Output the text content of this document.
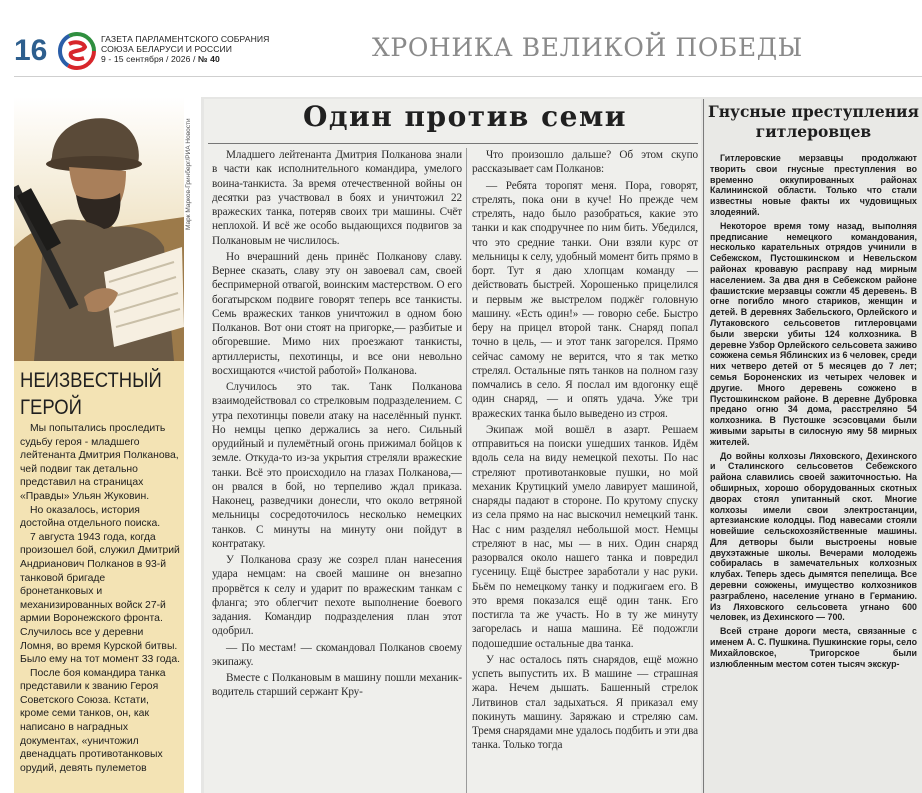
16	ГАЗЕТА ПАРЛАМЕНТСКОГО СОБРАНИЯ
СОЮЗА БЕЛАРУСИ И РОССИИ
9 - 15 сентября / 2026 / № 40	ХРОНИКА ВЕЛИКОЙ ПОБЕДЫ
Марк Марков-Гринберг/РИА Новости
НЕИЗВЕСТНЫЙ
ГЕРОЙ

Мы попытались проследить судьбу героя - младшего лейтенанта Дмитрия Полканова, чей подвиг так детально представил на страницах «Правды» Ульян Жуковин.

Но оказалось, история достойна отдельного поиска.

7 августа 1943 года, когда произошел бой, служил Дмитрий Андрианович Полканов в 93-й танковой бригаде бронетанковых и механизированных войск 27-й армии Воронежского фронта. Случилось все у деревни Ломня, во время Курской битвы. Было ему на тот момент 33 года.

После боя командира танка представили к званию Героя Советского Союза. Кстати, кроме семи танков, он, как написано в наградных документах, «уничтожил двенадцать противотанковых орудий, девять пулеметов

Один против семи

Младшего лейтенанта Дмитрия Полканова знали в части как исполнительного командира, умелого воина-танкиста. За время отечественной войны он десятки раз участвовал в боях и уничтожил 22 вражеских танка, потеряв своих три машины. Счёт неплохой. И всё же особо выдающихся подвигов за Полкановым не числилось.

Но вчерашний день принёс Полканову славу. Вернее сказать, славу эту он завоевал сам, своей беспримерной отвагой, воинским мастерством. О его богатырском подвиге говорят теперь все танкисты. Семь вражеских танков уничтожил в одном бою Полканов. Вот они стоят на пригорке,— разбитые и обгоревшие. Мимо них проезжают танкисты, артиллеристы, пехотинцы, и все они невольно восхищаются «чистой работой» Полканова.

Случилось это так. Танк Полканова взаимодействовал со стрелковым подразделением. С утра пехотинцы повели атаку на населённый пункт. Но немцы цепко держались за него. Сильный орудийный и пулемётный огонь прижимал бойцов к земле. Откуда-то из-за укрытия стреляли вражеские танки. Всё это происходило на глазах Полканова,— он рвался в бой, но терпеливо ждал приказа. Наконец, разведчики донесли, что около ветряной мельницы сосредоточилось несколько немецких танков. С минуты на минуту они пойдут в контратаку.

У Полканова сразу же созрел план нанесения удара немцам: на своей машине он внезапно прорвётся к селу и ударит по вражеским танкам с фланга; это облегчит пехоте выполнение боевого задания. Командир подразделения план этот одобрил.

— По местам! — скомандовал Полканов своему экипажу.

Вместе с Полкановым в машину пошли механик-водитель старший сержант Кру-

Что произошло дальше? Об этом скупо рассказывает сам Полканов:

— Ребята торопят меня. Пора, говорят, стрелять, пока они в куче! Но прежде чем стрелять, надо было разобраться, какие это танки и как сподручнее по ним бить. Убедился, что это средние танки. Они взяли курс от мельницы к селу, удобный момент бить прямо в борт. Тут я даю хлопцам команду — действовать быстрей. Хорошенько прицелился и первым же выстрелом поджёг головную машину. «Есть один!» — говорю себе. Быстро беру на прицел второй танк. Снаряд попал точно в цель, — и этот танк загорелся. Прямо сейчас самому не верится, что я так метко стрелял. Остальные пять танков на полном газу помчались в село. Я послал им вдогонку ещё один снаряд, — и опять удача. Уже три вражеских танка было выведено из строя.

Экипаж мой вошёл в азарт. Решаем отправиться на поиски ушедших танков. Идём вдоль села на виду немецкой пехоты. По нас стреляют противотанковые пушки, но мой механик Крутицкий умело лавирует машиной, снаряды падают в стороне. По крутому спуску из села прямо на нас выскочил немецкий танк. Нас с ним разделял небольшой мост. Немцы стреляют в нас, мы — в них. Один снаряд разорвался около нашего танка и повредил гусеницу. Ещё быстрее заработали у нас руки. Бьём по немецкому танку и поджигаем его. В это время показался ещё один танк. Его постигла та же участь. Но в ту же минуту загорелась и наша машина. Её подожгли подошедшие остальные два танка.

У нас осталось пять снарядов, ещё можно успеть выпустить их. В машине — страшная жара. Нечем дышать. Башенный стрелок Литвинов стал задыхаться. Я приказал ему покинуть машину. Заряжаю и стреляю сам. Тремя снарядами мне удалось подбить и эти два танка. Только тогда

Гнусные преступления
гитлеровцев

Гитлеровские мерзавцы продолжают творить свои гнусные преступления во временно оккупированных районах Калининской области. Только что стали известны новые факты их чудовищных злодеяний.

Некоторое время тому назад, выполняя предписание немецкого командования, несколько карательных отрядов учинили в Себежском, Пустошкинском и Невельском районах кровавую расправу над мирным населением. За два дня в Себежском районе фашистские мерзавцы сожгли 45 деревень. В огне погибло много стариков, женщин и детей. В деревнях Забельского, Орлейского и Лутаковского сельсоветов гитлеровцами были зверски убиты 124 колхозника. В деревне Узбор Орлейского сельсовета заживо сожжена семья Яблинских из 6 человек, среди них четверо детей от 5 месяцев до 7 лет; семья Бороненских из четырех человек и другие. Много деревень сожжено в Пустошкинском районе. В деревне Дубровка предано огню 34 дома, расстреляно 54 колхозника. В Пустошке эсэсовцами были живыми зарыты в силосную яму 58 мирных жителей.

До войны колхозы Ляховского, Дехинского и Сталинского сельсоветов Себежского района славились своей зажиточностью. На обширных, хорошо оборудованных скотных дворах стоял упитанный скот. Многие колхозы имели свои электростанции, артезианские колодцы. Под навесами стояли новейшие сельскохозяйственные машины. Для детворы были выстроены новые двухэтажные школы. Вечерами молодежь собиралась в замечательных колхозных клубах. Теперь здесь дымятся пепелища. Все деревни сожжены, имущество колхозников разграблено, население угнано в Германию. Из Ляховского сельсовета угнано 600 человек, из Дехинского — 700.

Всей стране дороги места, связанные с именем А. С. Пушкина. Пушкинские горы, село Михайловское, Тригорское были излюбленным местом сотен тысяч экскур-
